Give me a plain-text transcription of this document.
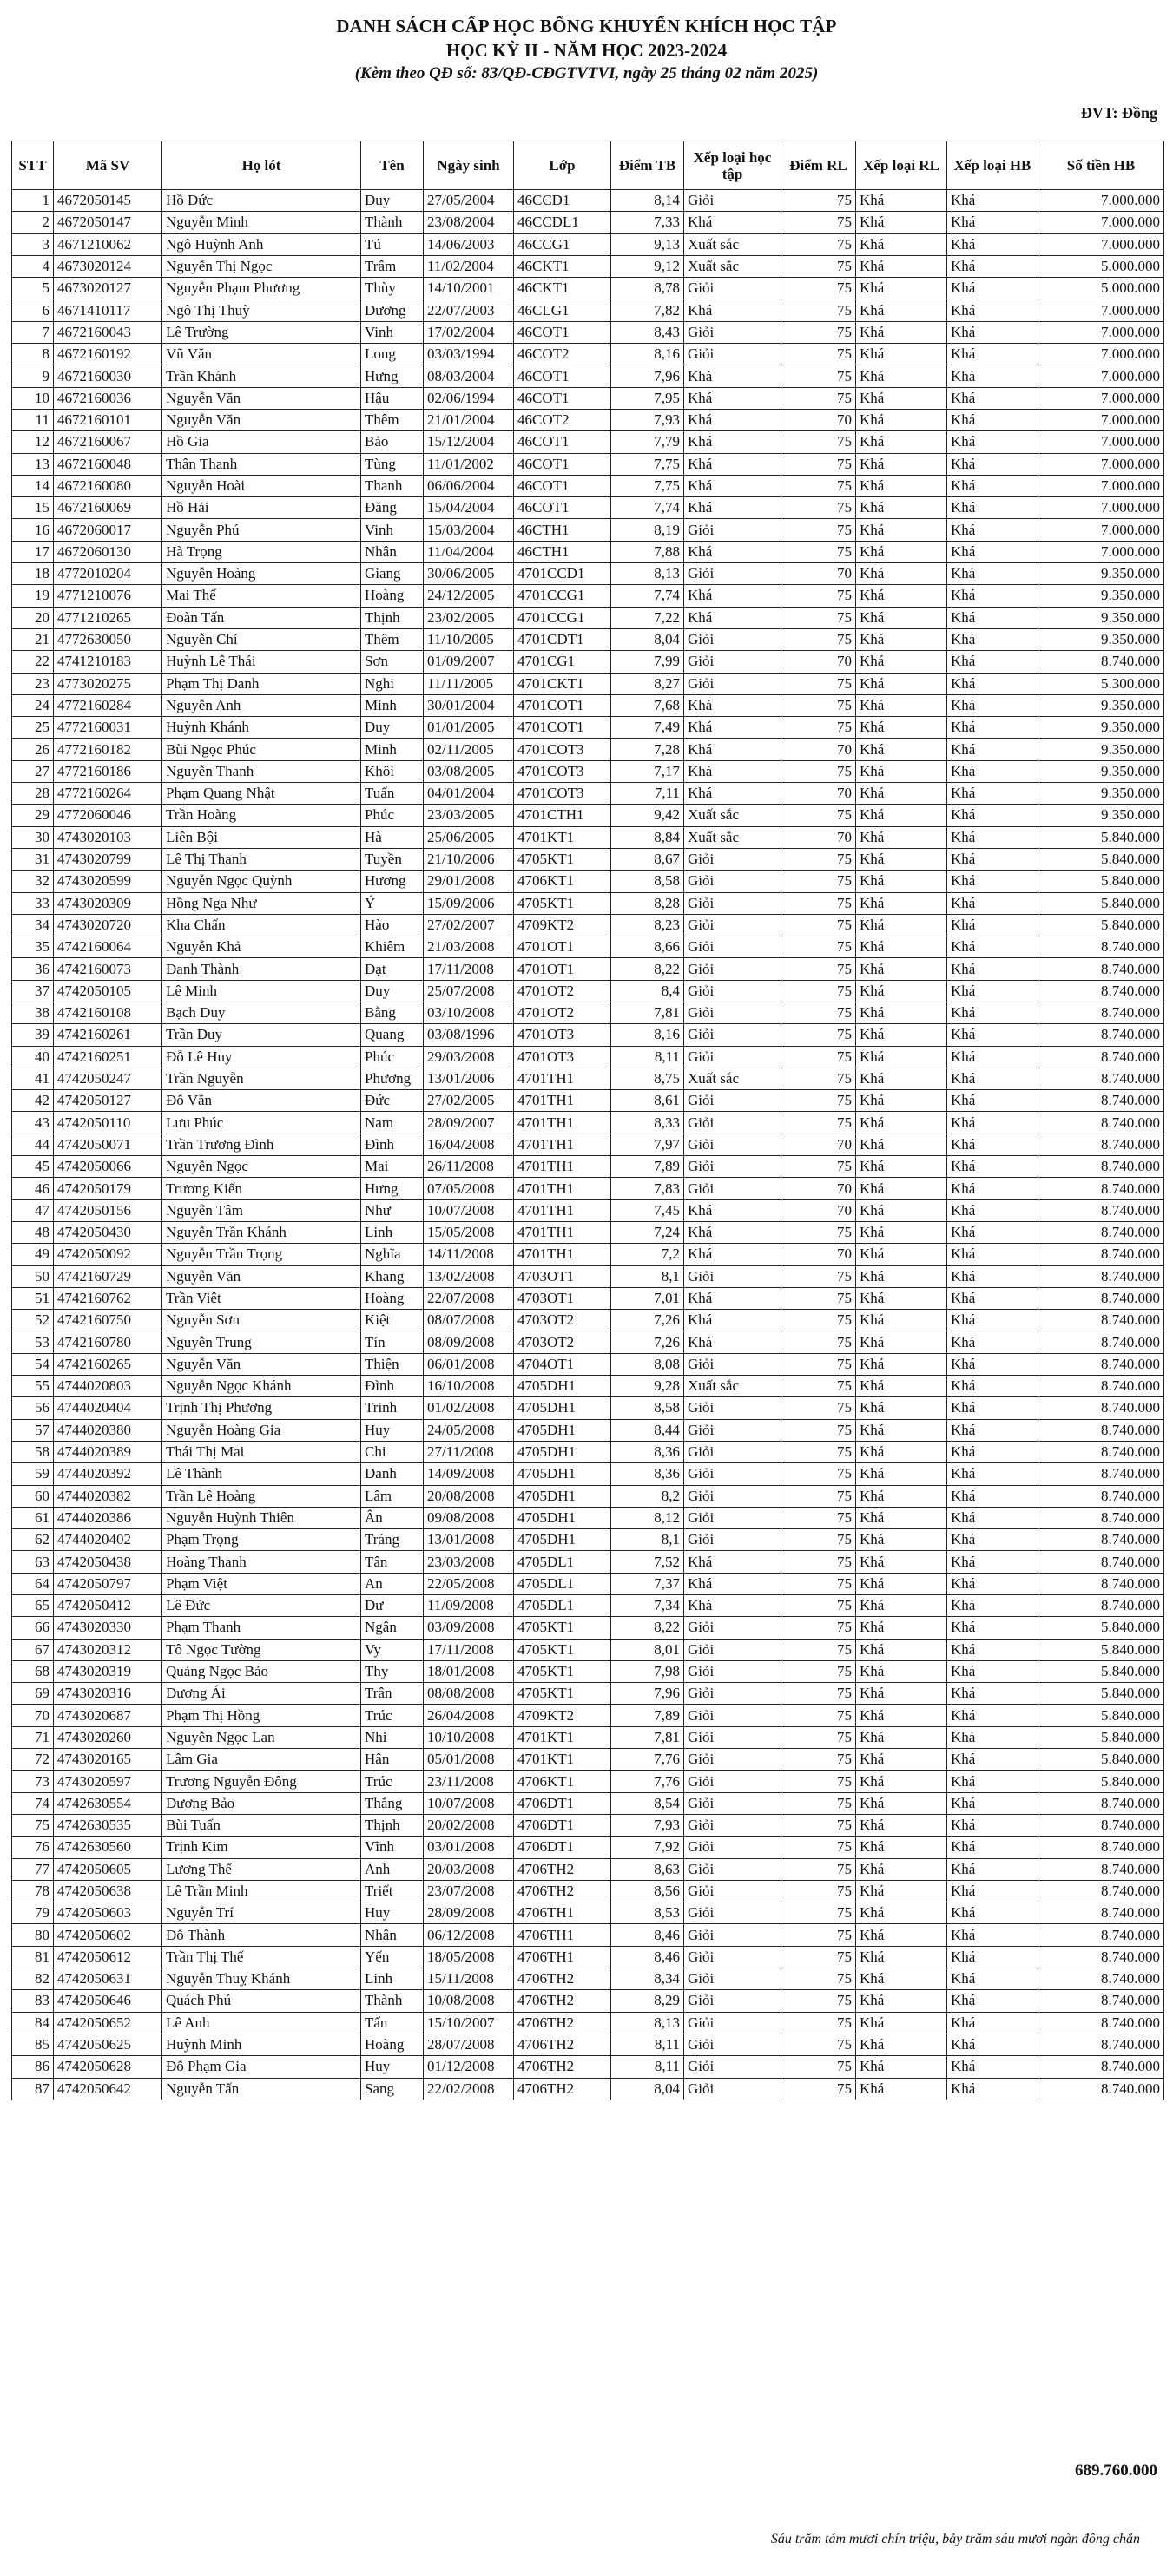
DANH SÁCH CẤP HỌC BỔNG KHUYẾN KHÍCH HỌC TẬP
HỌC KỲ II - NĂM HỌC 2023-2024
(Kèm theo QĐ số: 83/QĐ-CĐGTVTVI, ngày 25 tháng 02 năm 2025)
ĐVT: Đồng
STT	Mã SV	Họ lót	Tên	Ngày sinh	Lớp	Điểm TB	Xếp loại học tập	Điểm RL	Xếp loại RL	Xếp loại HB	Số tiền HB
1	4672050145	Hồ Đức	Duy	27/05/2004	46CCD1	8,14	Giỏi	75	Khá	Khá	7.000.000
2	4672050147	Nguyễn Minh	Thành	23/08/2004	46CCDL1	7,33	Khá	75	Khá	Khá	7.000.000
3	4671210062	Ngô Huỳnh Anh	Tú	14/06/2003	46CCG1	9,13	Xuất sắc	75	Khá	Khá	7.000.000
4	4673020124	Nguyễn Thị Ngọc	Trâm	11/02/2004	46CKT1	9,12	Xuất sắc	75	Khá	Khá	5.000.000
5	4673020127	Nguyễn Phạm Phương	Thùy	14/10/2001	46CKT1	8,78	Giỏi	75	Khá	Khá	5.000.000
6	4671410117	Ngô Thị Thuỳ	Dương	22/07/2003	46CLG1	7,82	Khá	75	Khá	Khá	7.000.000
7	4672160043	Lê Trường	Vinh	17/02/2004	46COT1	8,43	Giỏi	75	Khá	Khá	7.000.000
8	4672160192	Vũ Văn	Long	03/03/1994	46COT2	8,16	Giỏi	75	Khá	Khá	7.000.000
9	4672160030	Trần Khánh	Hưng	08/03/2004	46COT1	7,96	Khá	75	Khá	Khá	7.000.000
10	4672160036	Nguyễn Văn	Hậu	02/06/1994	46COT1	7,95	Khá	75	Khá	Khá	7.000.000
11	4672160101	Nguyễn Văn	Thêm	21/01/2004	46COT2	7,93	Khá	70	Khá	Khá	7.000.000
12	4672160067	Hồ Gia	Bảo	15/12/2004	46COT1	7,79	Khá	75	Khá	Khá	7.000.000
13	4672160048	Thân Thanh	Tùng	11/01/2002	46COT1	7,75	Khá	75	Khá	Khá	7.000.000
14	4672160080	Nguyễn Hoài	Thanh	06/06/2004	46COT1	7,75	Khá	75	Khá	Khá	7.000.000
15	4672160069	Hồ Hải	Đăng	15/04/2004	46COT1	7,74	Khá	75	Khá	Khá	7.000.000
16	4672060017	Nguyễn Phú	Vinh	15/03/2004	46CTH1	8,19	Giỏi	75	Khá	Khá	7.000.000
17	4672060130	Hà Trọng	Nhân	11/04/2004	46CTH1	7,88	Khá	75	Khá	Khá	7.000.000
18	4772010204	Nguyễn Hoàng	Giang	30/06/2005	4701CCD1	8,13	Giỏi	70	Khá	Khá	9.350.000
19	4771210076	Mai Thế	Hoàng	24/12/2005	4701CCG1	7,74	Khá	75	Khá	Khá	9.350.000
20	4771210265	Đoàn Tấn	Thịnh	23/02/2005	4701CCG1	7,22	Khá	75	Khá	Khá	9.350.000
21	4772630050	Nguyễn Chí	Thêm	11/10/2005	4701CDT1	8,04	Giỏi	75	Khá	Khá	9.350.000
22	4741210183	Huỳnh Lê Thái	Sơn	01/09/2007	4701CG1	7,99	Giỏi	70	Khá	Khá	8.740.000
23	4773020275	Phạm Thị Danh	Nghi	11/11/2005	4701CKT1	8,27	Giỏi	75	Khá	Khá	5.300.000
24	4772160284	Nguyễn Anh	Minh	30/01/2004	4701COT1	7,68	Khá	75	Khá	Khá	9.350.000
25	4772160031	Huỳnh Khánh	Duy	01/01/2005	4701COT1	7,49	Khá	75	Khá	Khá	9.350.000
26	4772160182	Bùi Ngọc Phúc	Minh	02/11/2005	4701COT3	7,28	Khá	70	Khá	Khá	9.350.000
27	4772160186	Nguyễn Thanh	Khôi	03/08/2005	4701COT3	7,17	Khá	75	Khá	Khá	9.350.000
28	4772160264	Phạm Quang Nhật	Tuấn	04/01/2004	4701COT3	7,11	Khá	70	Khá	Khá	9.350.000
29	4772060046	Trần Hoàng	Phúc	23/03/2005	4701CTH1	9,42	Xuất sắc	75	Khá	Khá	9.350.000
30	4743020103	Liên Bội	Hà	25/06/2005	4701KT1	8,84	Xuất sắc	70	Khá	Khá	5.840.000
31	4743020799	Lê Thị Thanh	Tuyền	21/10/2006	4705KT1	8,67	Giỏi	75	Khá	Khá	5.840.000
32	4743020599	Nguyễn Ngọc Quỳnh	Hương	29/01/2008	4706KT1	8,58	Giỏi	75	Khá	Khá	5.840.000
33	4743020309	Hồng Nga Như	Ý	15/09/2006	4705KT1	8,28	Giỏi	75	Khá	Khá	5.840.000
34	4743020720	Kha Chấn	Hào	27/02/2007	4709KT2	8,23	Giỏi	75	Khá	Khá	5.840.000
35	4742160064	Nguyễn Khả	Khiêm	21/03/2008	4701OT1	8,66	Giỏi	75	Khá	Khá	8.740.000
36	4742160073	Đanh Thành	Đạt	17/11/2008	4701OT1	8,22	Giỏi	75	Khá	Khá	8.740.000
37	4742050105	Lê Minh	Duy	25/07/2008	4701OT2	8,4	Giỏi	75	Khá	Khá	8.740.000
38	4742160108	Bạch Duy	Bằng	03/10/2008	4701OT2	7,81	Giỏi	75	Khá	Khá	8.740.000
39	4742160261	Trần Duy	Quang	03/08/1996	4701OT3	8,16	Giỏi	75	Khá	Khá	8.740.000
40	4742160251	Đỗ Lê Huy	Phúc	29/03/2008	4701OT3	8,11	Giỏi	75	Khá	Khá	8.740.000
41	4742050247	Trần Nguyễn	Phương	13/01/2006	4701TH1	8,75	Xuất sắc	75	Khá	Khá	8.740.000
42	4742050127	Đỗ Văn	Đức	27/02/2005	4701TH1	8,61	Giỏi	75	Khá	Khá	8.740.000
43	4742050110	Lưu Phúc	Nam	28/09/2007	4701TH1	8,33	Giỏi	75	Khá	Khá	8.740.000
44	4742050071	Trần Trương Đình	Đình	16/04/2008	4701TH1	7,97	Giỏi	70	Khá	Khá	8.740.000
45	4742050066	Nguyễn Ngọc	Mai	26/11/2008	4701TH1	7,89	Giỏi	75	Khá	Khá	8.740.000
46	4742050179	Trương Kiến	Hưng	07/05/2008	4701TH1	7,83	Giỏi	70	Khá	Khá	8.740.000
47	4742050156	Nguyễn Tâm	Như	10/07/2008	4701TH1	7,45	Khá	70	Khá	Khá	8.740.000
48	4742050430	Nguyễn Trần Khánh	Linh	15/05/2008	4701TH1	7,24	Khá	75	Khá	Khá	8.740.000
49	4742050092	Nguyễn Trần Trọng	Nghĩa	14/11/2008	4701TH1	7,2	Khá	70	Khá	Khá	8.740.000
50	4742160729	Nguyễn Văn	Khang	13/02/2008	4703OT1	8,1	Giỏi	75	Khá	Khá	8.740.000
51	4742160762	Trần Việt	Hoàng	22/07/2008	4703OT1	7,01	Khá	75	Khá	Khá	8.740.000
52	4742160750	Nguyễn Sơn	Kiệt	08/07/2008	4703OT2	7,26	Khá	75	Khá	Khá	8.740.000
53	4742160780	Nguyễn Trung	Tín	08/09/2008	4703OT2	7,26	Khá	75	Khá	Khá	8.740.000
54	4742160265	Nguyễn Văn	Thiện	06/01/2008	4704OT1	8,08	Giỏi	75	Khá	Khá	8.740.000
55	4744020803	Nguyễn Ngọc Khánh	Đình	16/10/2008	4705DH1	9,28	Xuất sắc	75	Khá	Khá	8.740.000
56	4744020404	Trịnh Thị Phương	Trinh	01/02/2008	4705DH1	8,58	Giỏi	75	Khá	Khá	8.740.000
57	4744020380	Nguyễn Hoàng Gia	Huy	24/05/2008	4705DH1	8,44	Giỏi	75	Khá	Khá	8.740.000
58	4744020389	Thái Thị Mai	Chi	27/11/2008	4705DH1	8,36	Giỏi	75	Khá	Khá	8.740.000
59	4744020392	Lê Thành	Danh	14/09/2008	4705DH1	8,36	Giỏi	75	Khá	Khá	8.740.000
60	4744020382	Trần Lê Hoàng	Lâm	20/08/2008	4705DH1	8,2	Giỏi	75	Khá	Khá	8.740.000
61	4744020386	Nguyễn Huỳnh Thiên	Ân	09/08/2008	4705DH1	8,12	Giỏi	75	Khá	Khá	8.740.000
62	4744020402	Phạm Trọng	Tráng	13/01/2008	4705DH1	8,1	Giỏi	75	Khá	Khá	8.740.000
63	4742050438	Hoàng Thanh	Tân	23/03/2008	4705DL1	7,52	Khá	75	Khá	Khá	8.740.000
64	4742050797	Phạm Việt	An	22/05/2008	4705DL1	7,37	Khá	75	Khá	Khá	8.740.000
65	4742050412	Lê Đức	Dư	11/09/2008	4705DL1	7,34	Khá	75	Khá	Khá	8.740.000
66	4743020330	Phạm Thanh	Ngân	03/09/2008	4705KT1	8,22	Giỏi	75	Khá	Khá	5.840.000
67	4743020312	Tô Ngọc Tường	Vy	17/11/2008	4705KT1	8,01	Giỏi	75	Khá	Khá	5.840.000
68	4743020319	Quảng Ngọc Bảo	Thy	18/01/2008	4705KT1	7,98	Giỏi	75	Khá	Khá	5.840.000
69	4743020316	Dương Ái	Trân	08/08/2008	4705KT1	7,96	Giỏi	75	Khá	Khá	5.840.000
70	4743020687	Phạm Thị Hồng	Trúc	26/04/2008	4709KT2	7,89	Giỏi	75	Khá	Khá	5.840.000
71	4743020260	Nguyễn Ngọc Lan	Nhi	10/10/2008	4701KT1	7,81	Giỏi	75	Khá	Khá	5.840.000
72	4743020165	Lâm Gia	Hân	05/01/2008	4701KT1	7,76	Giỏi	75	Khá	Khá	5.840.000
73	4743020597	Trương Nguyễn Đông	Trúc	23/11/2008	4706KT1	7,76	Giỏi	75	Khá	Khá	5.840.000
74	4742630554	Dương Bảo	Thắng	10/07/2008	4706DT1	8,54	Giỏi	75	Khá	Khá	8.740.000
75	4742630535	Bùi Tuấn	Thịnh	20/02/2008	4706DT1	7,93	Giỏi	75	Khá	Khá	8.740.000
76	4742630560	Trịnh Kim	Vĩnh	03/01/2008	4706DT1	7,92	Giỏi	75	Khá	Khá	8.740.000
77	4742050605	Lương Thế	Anh	20/03/2008	4706TH2	8,63	Giỏi	75	Khá	Khá	8.740.000
78	4742050638	Lê Trần Minh	Triết	23/07/2008	4706TH2	8,56	Giỏi	75	Khá	Khá	8.740.000
79	4742050603	Nguyễn Trí	Huy	28/09/2008	4706TH1	8,53	Giỏi	75	Khá	Khá	8.740.000
80	4742050602	Đỗ Thành	Nhân	06/12/2008	4706TH1	8,46	Giỏi	75	Khá	Khá	8.740.000
81	4742050612	Trần Thị Thế	Yến	18/05/2008	4706TH1	8,46	Giỏi	75	Khá	Khá	8.740.000
82	4742050631	Nguyễn Thuỵ Khánh	Linh	15/11/2008	4706TH2	8,34	Giỏi	75	Khá	Khá	8.740.000
83	4742050646	Quách Phú	Thành	10/08/2008	4706TH2	8,29	Giỏi	75	Khá	Khá	8.740.000
84	4742050652	Lê Anh	Tấn	15/10/2007	4706TH2	8,13	Giỏi	75	Khá	Khá	8.740.000
85	4742050625	Huỳnh Minh	Hoàng	28/07/2008	4706TH2	8,11	Giỏi	75	Khá	Khá	8.740.000
86	4742050628	Đỗ Phạm Gia	Huy	01/12/2008	4706TH2	8,11	Giỏi	75	Khá	Khá	8.740.000
87	4742050642	Nguyễn Tấn	Sang	22/02/2008	4706TH2	8,04	Giỏi	75	Khá	Khá	8.740.000
689.760.000
Sáu trăm tám mươi chín triệu, bảy trăm sáu mươi ngàn đồng chẵn
